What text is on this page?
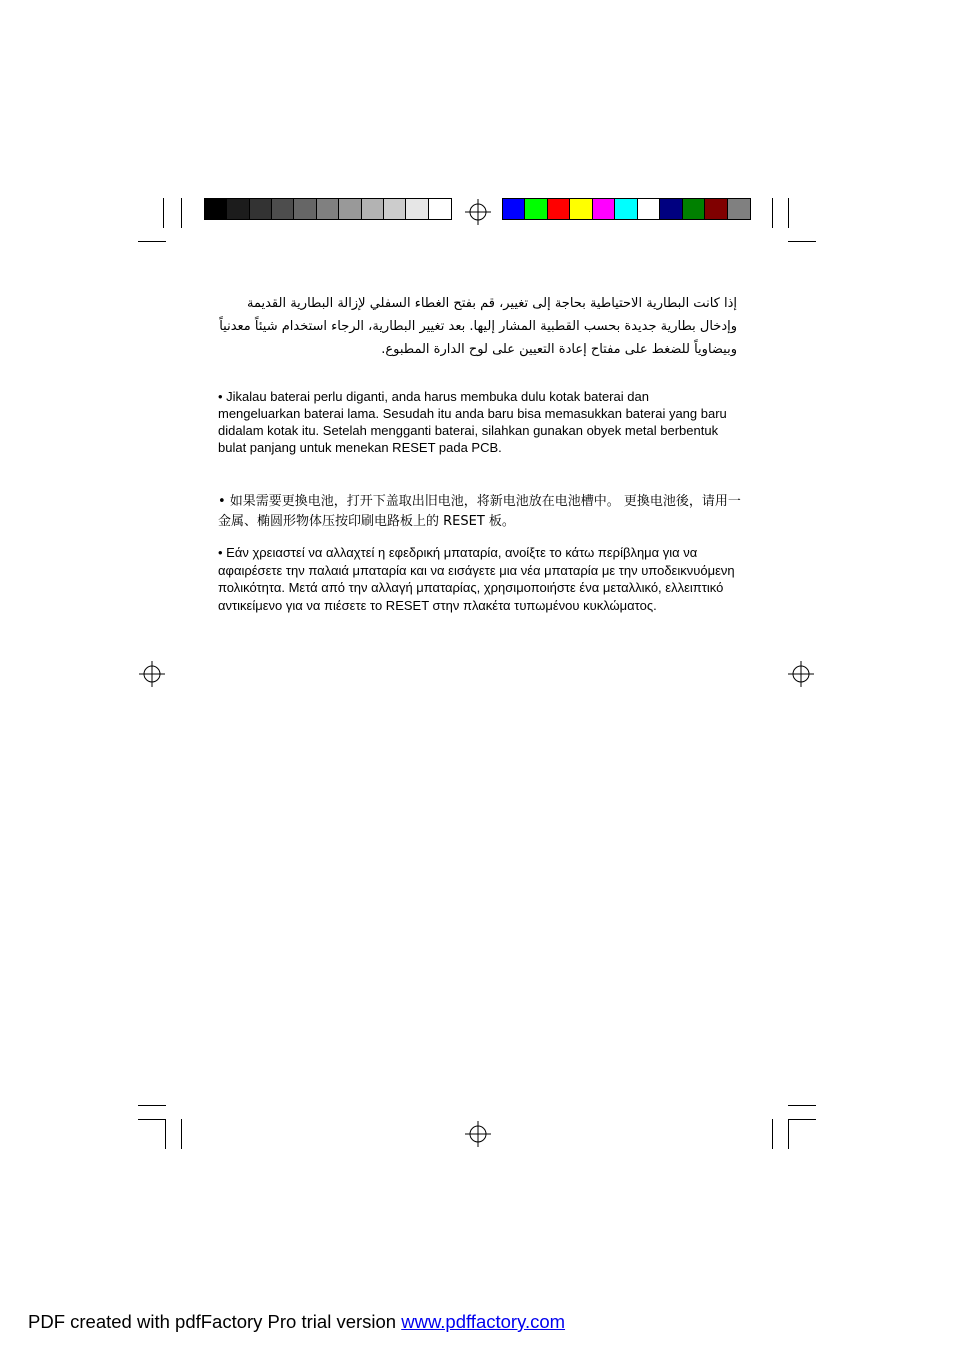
إذا كانت البطارية الاحتياطية بحاجة إلى تغيير، قم بفتح الغطاء السفلي لإزالة البطارية القديمة وإدخال بطارية جديدة بحسب القطبية المشار إليها. بعد تغيير البطارية، الرجاء استخدام شيئاً معدنياً وبيضاوياً للضغط على مفتاح إعادة التعيين على لوح الدارة المطبوع.
• Jikalau baterai perlu diganti, anda harus membuka dulu kotak baterai dan mengeluarkan baterai lama. Sesudah itu anda baru bisa memasukkan baterai yang baru didalam kotak itu. Setelah mengganti baterai, silahkan gunakan obyek metal berbentuk bulat panjang untuk menekan RESET pada PCB.
• 如果需要更換电池，打开下盖取出旧电池，将新电池放在电池槽中。 更換电池後，请用一金属、椭圆形物体压按印刷电路板上的 RESET 板。
• Εάν χρειαστεί να αλλαχτεί η εφεδρική μπαταρία, ανοίξτε το κάτω περίβλημα για να αφαιρέσετε την παλαιά μπαταρία και να εισάγετε μια νέα μπαταρία με την υποδεικνυόμενη πολικότητα. Μετά από την αλλαγή μπαταρίας, χρησιμοποιήστε ένα μεταλλικό, ελλειπτικό αντικείμενο για να πιέσετε το RESET στην πλακέτα τυπωμένου κυκλώματος.
PDF created with pdfFactory Pro trial version www.pdffactory.com
